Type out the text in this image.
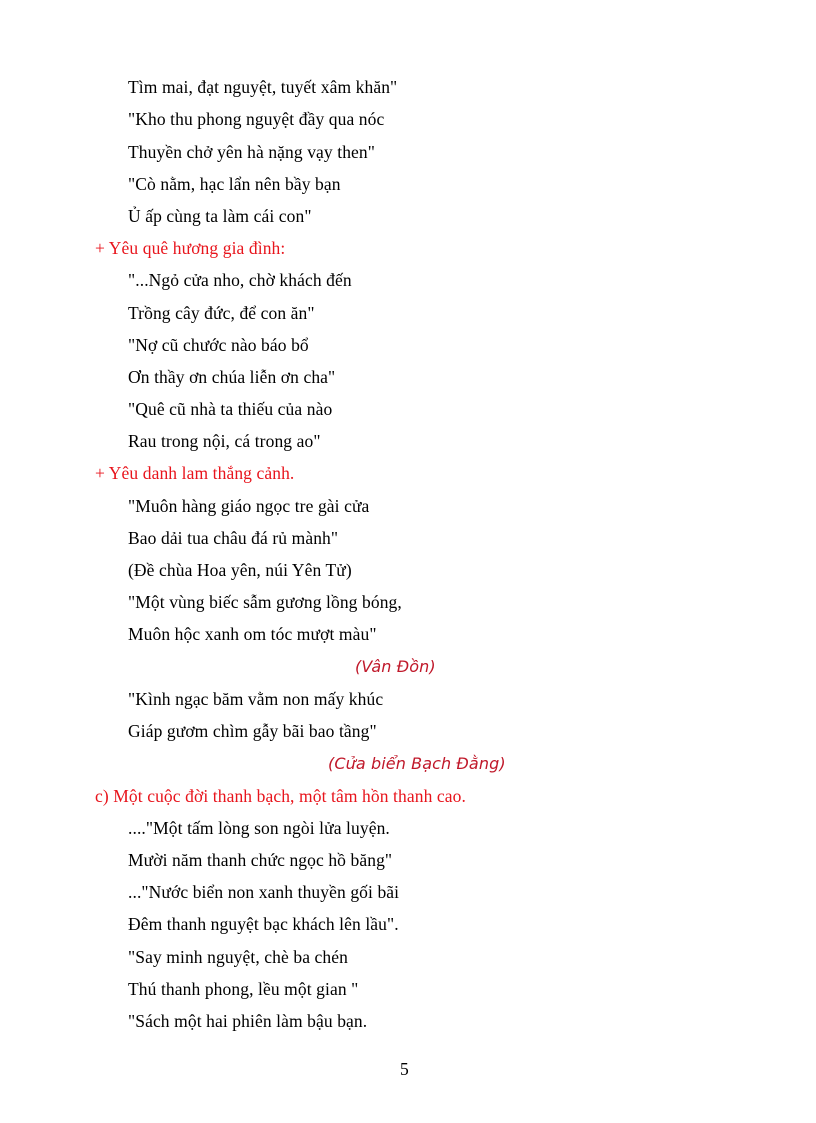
Tìm mai, đạt nguyệt, tuyết xâm khăn"
"Kho thu phong nguyệt đầy qua nóc
Thuyền chở yên hà nặng vạy then"
"Cò nằm, hạc lẩn nên bầy bạn
Ủ ấp cùng ta làm cái con"
+ Yêu quê hương gia đình:
"...Ngỏ cửa nho, chờ khách đến
Trồng cây đức, để con ăn"
"Nợ cũ chước nào báo bổ
Ơn thầy ơn chúa liễn ơn cha"
"Quê cũ nhà ta thiếu của nào
Rau trong nội, cá trong ao"
+ Yêu danh lam thắng cảnh.
"Muôn hàng giáo ngọc tre gài cửa
Bao dải tua châu đá rủ mành"
(Đề chùa Hoa yên, núi Yên Tử)
"Một vùng biếc sẫm gương lồng bóng,
Muôn hộc xanh om tóc mượt màu"
(Vân Đồn)
"Kình ngạc băm vằm non mấy khúc
Giáp gươm chìm gẫy bãi bao tầng"
(Cửa biển Bạch Đằng)
c) Một cuộc đời thanh bạch, một tâm hồn thanh cao.
...."Một tấm lòng son ngòi lửa luyện.
Mười năm thanh chức ngọc hồ băng"
..."Nước biển non xanh thuyền gối bãi
Đêm thanh nguyệt bạc khách lên lầu".
"Say minh nguyệt, chè ba chén
Thú thanh phong, lều một gian "
"Sách một hai phiên làm bậu bạn.
5
